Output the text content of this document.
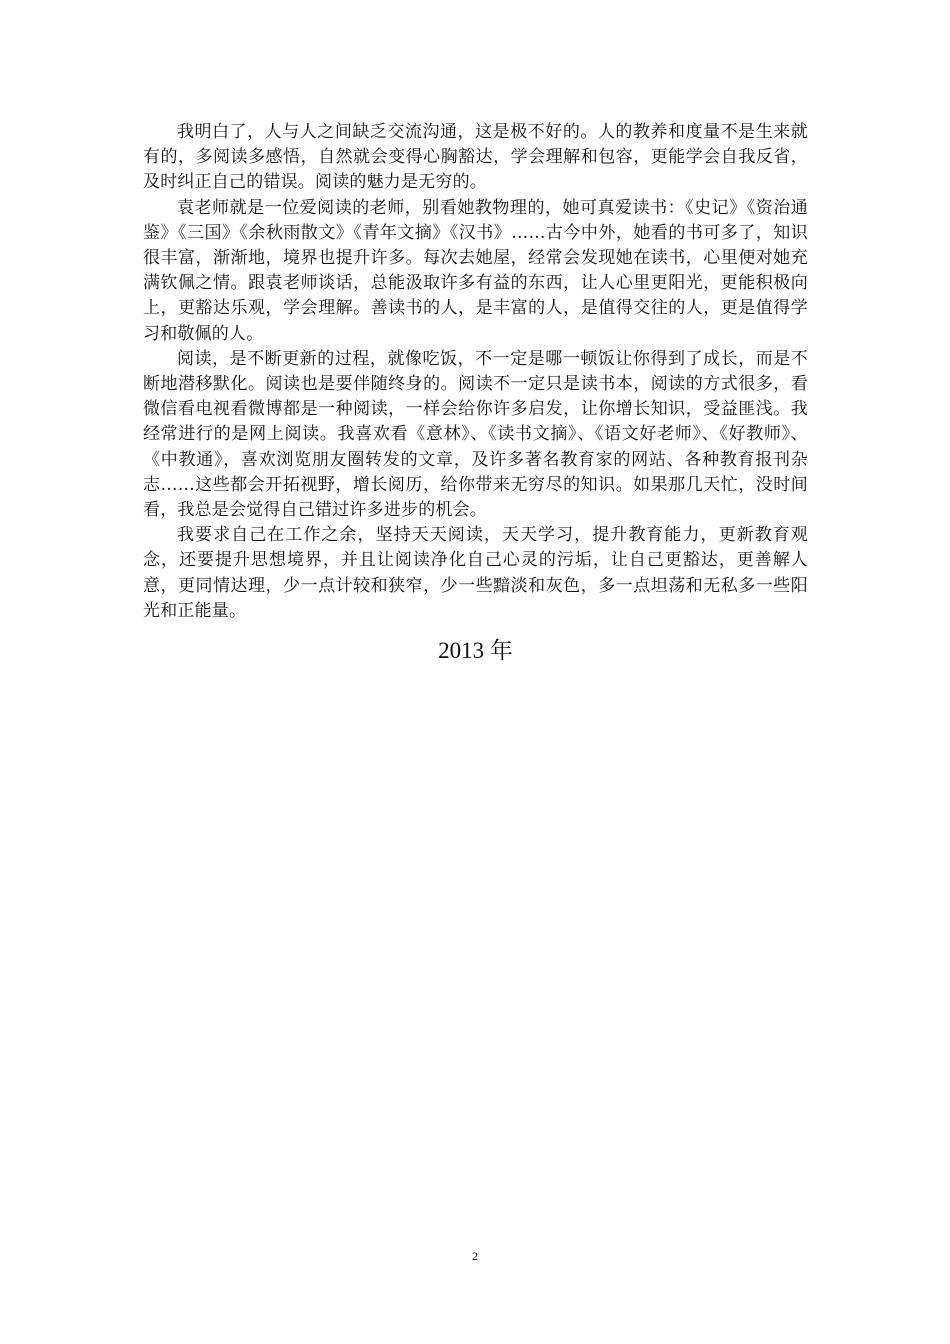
我明白了，人与人之间缺乏交流沟通，这是极不好的。人的教养和度量不是生来就有的，多阅读多感悟，自然就会变得心胸豁达，学会理解和包容，更能学会自我反省，及时纠正自己的错误。阅读的魅力是无穷的。

袁老师就是一位爱阅读的老师，别看她教物理的，她可真爱读书：《史记》《资治通鉴》《三国》《余秋雨散文》《青年文摘》《汉书》……古今中外，她看的书可多了，知识很丰富，渐渐地，境界也提升许多。每次去她屋，经常会发现她在读书，心里便对她充满钦佩之情。跟袁老师谈话，总能汲取许多有益的东西，让人心里更阳光，更能积极向上，更豁达乐观，学会理解。善读书的人，是丰富的人，是值得交往的人，更是值得学习和敬佩的人。

阅读，是不断更新的过程，就像吃饭，不一定是哪一顿饭让你得到了成长，而是不断地潜移默化。阅读也是要伴随终身的。阅读不一定只是读书本，阅读的方式很多，看微信看电视看微博都是一种阅读，一样会给你许多启发，让你增长知识，受益匪浅。我经常进行的是网上阅读。我喜欢看《意林》、《读书文摘》、《语文好老师》、《好教师》、《中教通》，喜欢浏览朋友圈转发的文章，及许多著名教育家的网站、各种教育报刊杂志……这些都会开拓视野，增长阅历，给你带来无穷尽的知识。如果那几天忙，没时间看，我总是会觉得自己错过许多进步的机会。

我要求自己在工作之余，坚持天天阅读，天天学习，提升教育能力，更新教育观念，还要提升思想境界，并且让阅读净化自己心灵的污垢，让自己更豁达，更善解人意，更同情达理，少一点计较和狭窄，少一些黯淡和灰色，多一点坦荡和无私多一些阳光和正能量。

2013 年
2
